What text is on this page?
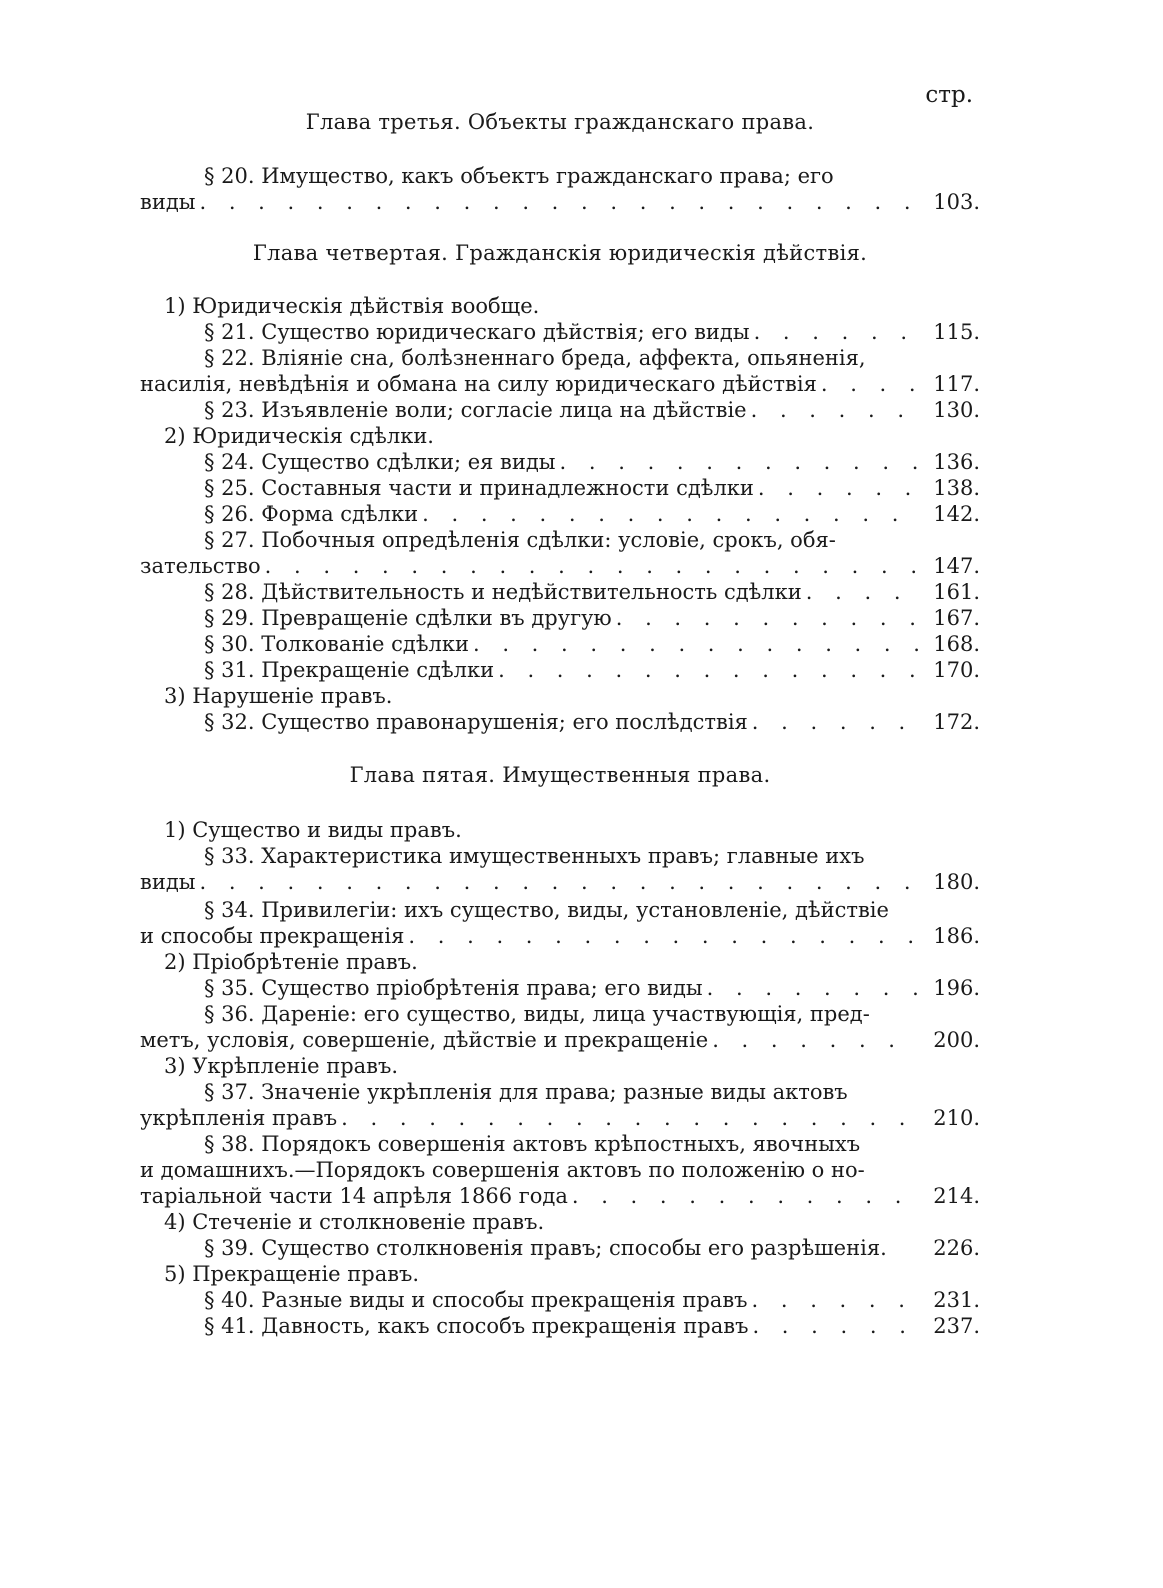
стр.
Глава третья. Объекты гражданскаго права.
§ 20. Имущество, какъ объектъ гражданскаго права; его
виды . . .	103.
Глава четвертая. Гражданскія юридическія дѣйствія.
1) Юридическія дѣйствія вообще.
§ 21. Существо юридическаго дѣйствія; его виды . . .	115.
§ 22. Вліяніе сна, болѣзненнаго бреда, аффекта, опьяненія,
насилія, невѣдѣнія и обмана на силу юридическаго дѣйствія . . .	117.
§ 23. Изъявленіе воли; согласіе лица на дѣйствіе . . .	130.
2) Юридическія сдѣлки.
§ 24. Существо сдѣлки; ея виды . . .	136.
§ 25. Составныя части и принадлежности сдѣлки . . .	138.
§ 26. Форма сдѣлки . . .	142.
§ 27. Побочныя опредѣленія сдѣлки: условіе, срокъ, обя-
зательство . . .	147.
§ 28. Дѣйствительность и недѣйствительность сдѣлки . . .	161.
§ 29. Превращеніе сдѣлки въ другую . . .	167.
§ 30. Толкованіе сдѣлки . . .	168.
§ 31. Прекращеніе сдѣлки . . .	170.
3) Нарушеніе правъ.
§ 32. Существо правонарушенія; его послѣдствія . . .	172.
Глава пятая. Имущественныя права.
1) Существо и виды правъ.
§ 33. Характеристика имущественныхъ правъ; главные ихъ
виды . . .	180.
§ 34. Привилегіи: ихъ существо, виды, установленіе, дѣйствіе
и способы прекращенія . . .	186.
2) Пріобрѣтеніе правъ.
§ 35. Существо пріобрѣтенія права; его виды . . .	196.
§ 36. Дареніе: его существо, виды, лица участвующія, пред-
метъ, условія, совершеніе, дѣйствіе и прекращеніе . . .	200.
3) Укрѣпленіе правъ.
§ 37. Значеніе укрѣпленія для права; разные виды актовъ
укрѣпленія правъ . . .	210.
§ 38. Порядокъ совершенія актовъ крѣпостныхъ, явочныхъ
и домашнихъ.—Порядокъ совершенія актовъ по положенію о но-
таріальной части 14 апрѣля 1866 года . . .	214.
4) Стеченіе и столкновеніе правъ.
§ 39. Существо столкновенія правъ; способы его разрѣшенія.	226.
5) Прекращеніе правъ.
§ 40. Разные виды и способы прекращенія правъ . . .	231.
§ 41. Давность, какъ способъ прекращенія правъ . . .	237.
